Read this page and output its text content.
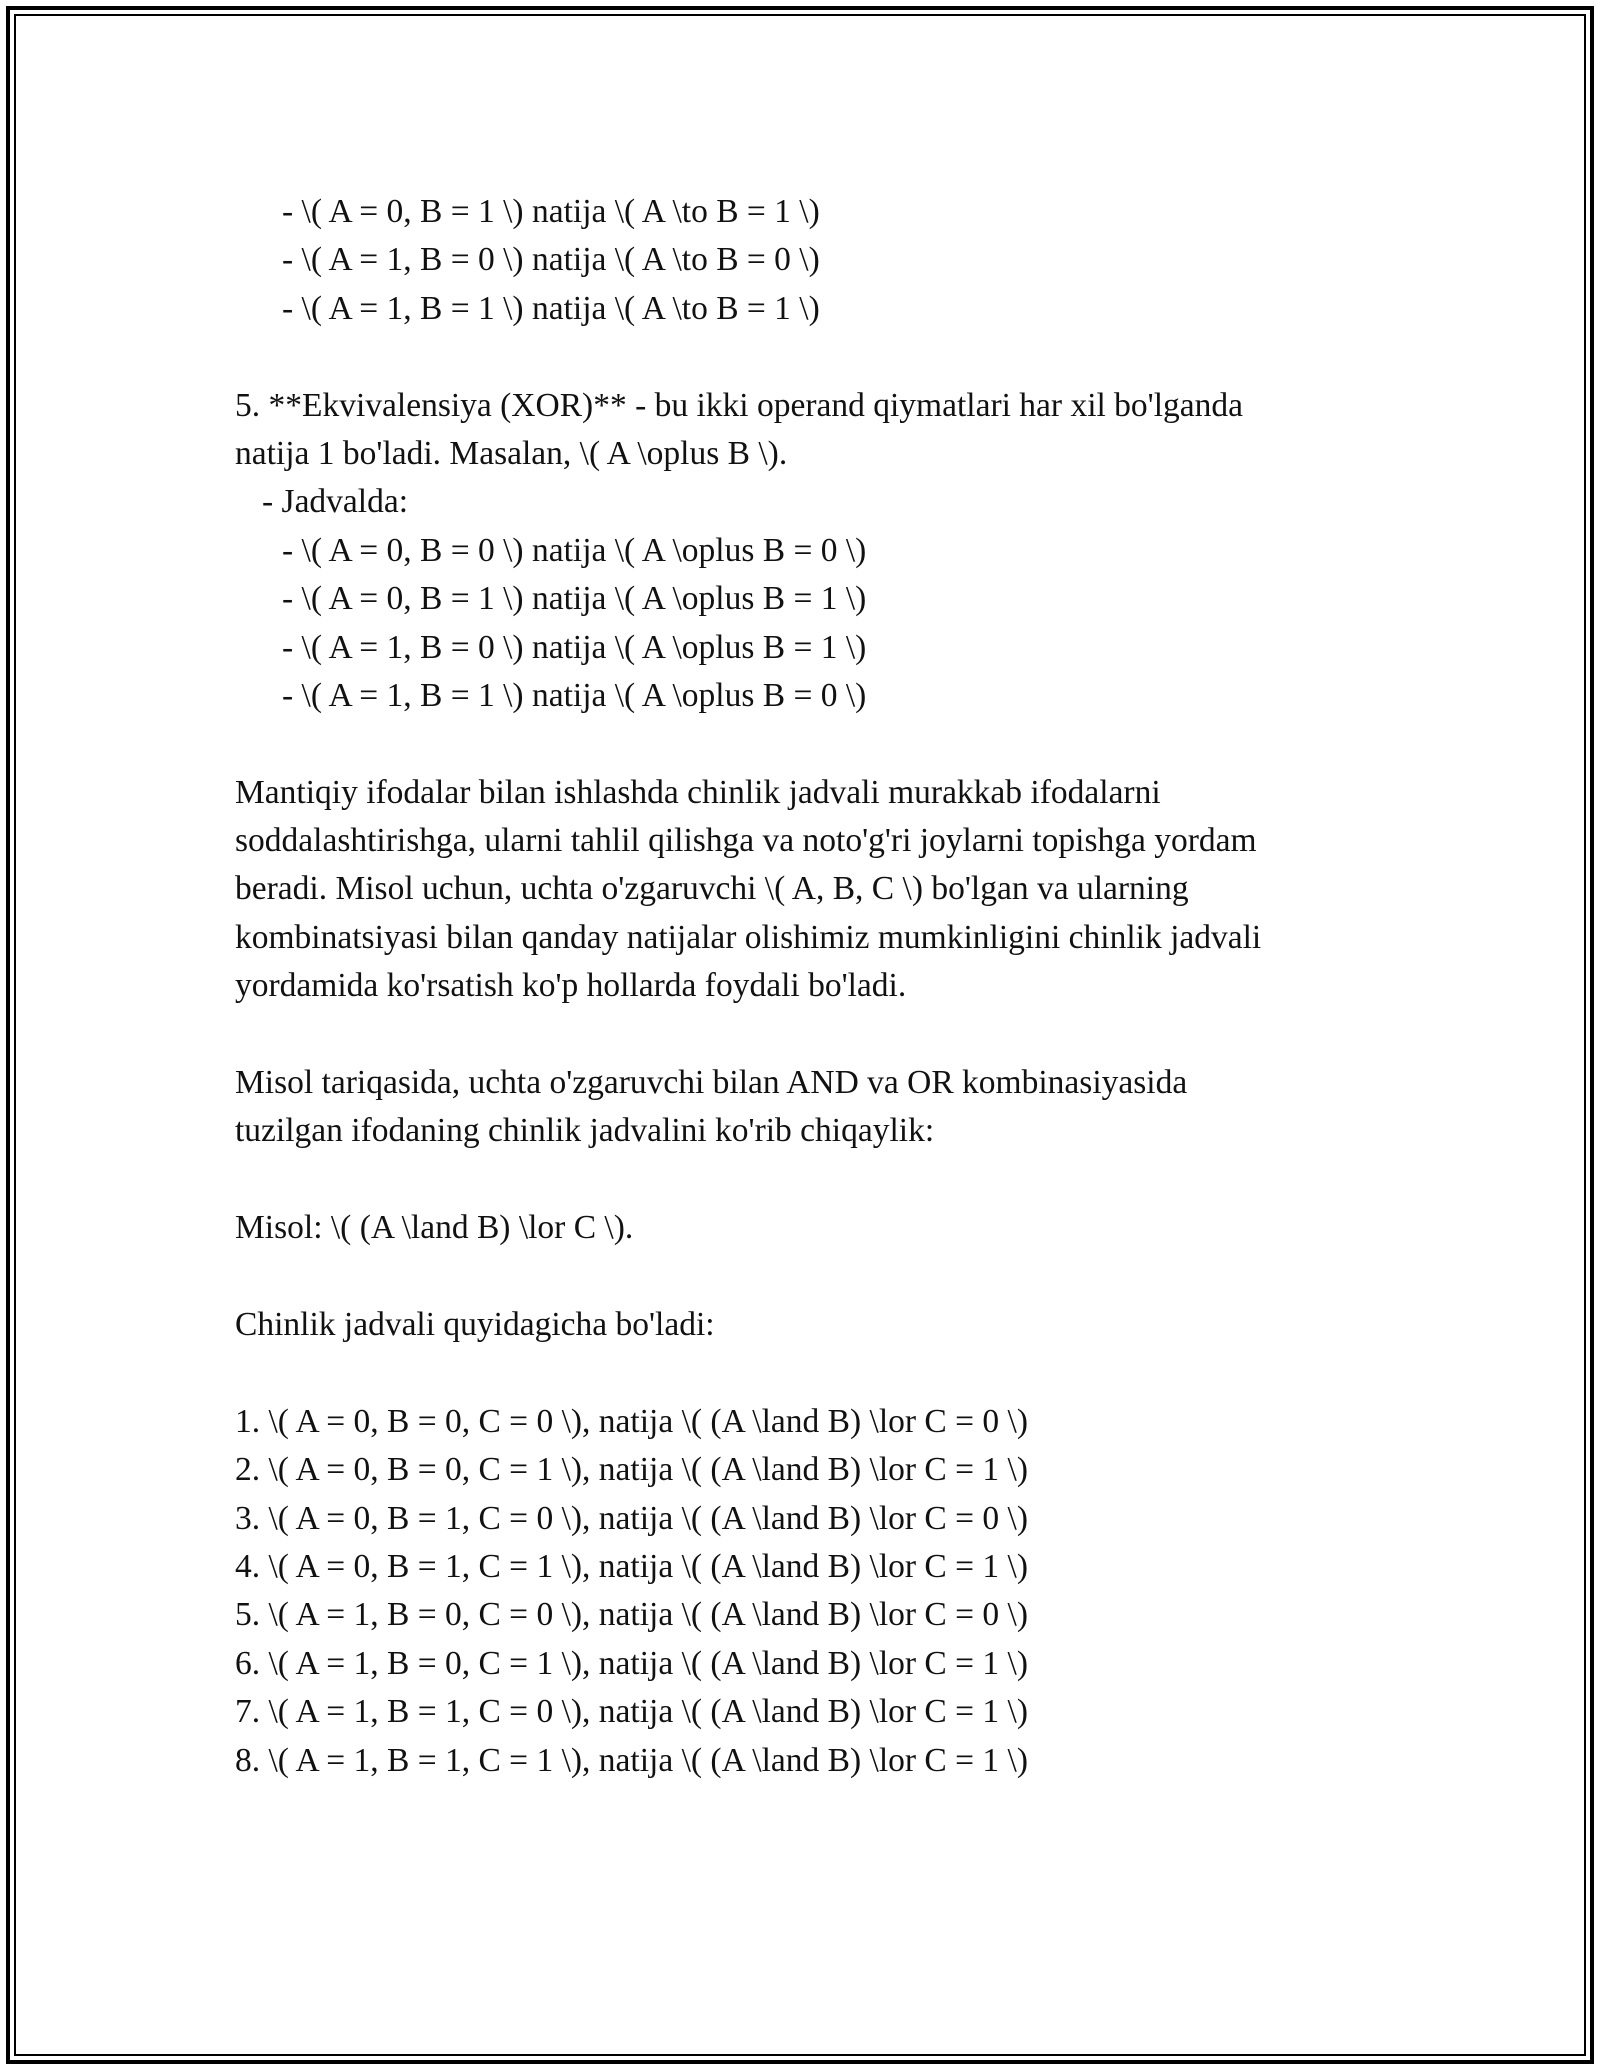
- \( A = 0, B = 1 \) natija \( A \to B = 1 \)
- \( A = 1, B = 0 \) natija \( A \to B = 0 \)
- \( A = 1, B = 1 \) natija \( A \to B = 1 \)
5. **Ekvivalensiya (XOR)** - bu ikki operand qiymatlari har xil bo'lganda
natija 1 bo'ladi. Masalan, \( A \oplus B \).
- Jadvalda:
- \( A = 0, B = 0 \) natija \( A \oplus B = 0 \)
- \( A = 0, B = 1 \) natija \( A \oplus B = 1 \)
- \( A = 1, B = 0 \) natija \( A \oplus B = 1 \)
- \( A = 1, B = 1 \) natija \( A \oplus B = 0 \)
Mantiqiy ifodalar bilan ishlashda chinlik jadvali murakkab ifodalarni
soddalashtirishga, ularni tahlil qilishga va noto'g'ri joylarni topishga yordam
beradi. Misol uchun, uchta o'zgaruvchi \( A, B, C \) bo'lgan va ularning
kombinatsiyasi bilan qanday natijalar olishimiz mumkinligini chinlik jadvali
yordamida ko'rsatish ko'p hollarda foydali bo'ladi.
Misol tariqasida, uchta o'zgaruvchi bilan AND va OR kombinasiyasida
tuzilgan ifodaning chinlik jadvalini ko'rib chiqaylik:
Misol: \( (A \land B) \lor C \).
Chinlik jadvali quyidagicha bo'ladi:
1. \( A = 0, B = 0, C = 0 \), natija \( (A \land B) \lor C = 0 \)
2. \( A = 0, B = 0, C = 1 \), natija \( (A \land B) \lor C = 1 \)
3. \( A = 0, B = 1, C = 0 \), natija \( (A \land B) \lor C = 0 \)
4. \( A = 0, B = 1, C = 1 \), natija \( (A \land B) \lor C = 1 \)
5. \( A = 1, B = 0, C = 0 \), natija \( (A \land B) \lor C = 0 \)
6. \( A = 1, B = 0, C = 1 \), natija \( (A \land B) \lor C = 1 \)
7. \( A = 1, B = 1, C = 0 \), natija \( (A \land B) \lor C = 1 \)
8. \( A = 1, B = 1, C = 1 \), natija \( (A \land B) \lor C = 1 \)
